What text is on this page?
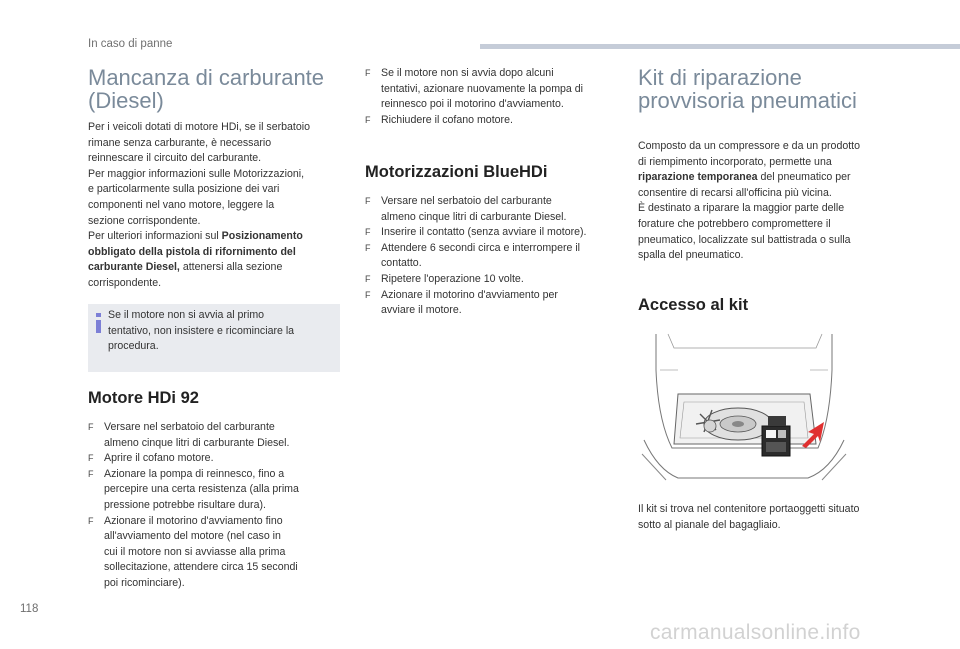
In caso di panne
Mancanza di carburante
(Diesel)

Per i veicoli dotati di motore HDi, se il serbatoio
rimane senza carburante, è necessario
reinnescare il circuito del carburante.
Per maggior informazioni sulle Motorizzazioni,
e particolarmente sulla posizione dei vari
componenti nel vano motore, leggere la
sezione corrispondente.
Per ulteriori informazioni sul Posizionamento
obbligato della pistola di rifornimento del
carburante Diesel, attenersi alla sezione
corrispondente.

Se il motore non si avvia al primo
tentativo, non insistere e ricominciare la
procedura.

Motore HDi 92
F Versare nel serbatoio del carburante
almeno cinque litri di carburante Diesel.
F Aprire il cofano motore.
F Azionare la pompa di reinnesco, fino a
percepire una certa resistenza (alla prima
pressione potrebbe risultare dura).
F Azionare il motorino d'avviamento fino
all'avviamento del motore (nel caso in
cui il motore non si avviasse alla prima
sollecitazione, attendere circa 15 secondi
poi ricominciare).
F Se il motore non si avvia dopo alcuni
tentativi, azionare nuovamente la pompa di
reinnesco poi il motorino d'avviamento.
F Richiudere il cofano motore.
Motorizzazioni BlueHDi
F Versare nel serbatoio del carburante
almeno cinque litri di carburante Diesel.
F Inserire il contatto (senza avviare il motore).
F Attendere 6 secondi circa e interrompere il
contatto.
F Ripetere l'operazione 10 volte.
F Azionare il motorino d'avviamento per
avviare il motore.
Kit di riparazione
provvisoria pneumatici

Composto da un compressore e da un prodotto
di riempimento incorporato, permette una
riparazione temporanea del pneumatico per
consentire di recarsi all'officina più vicina.
È destinato a riparare la maggior parte delle
forature che potrebbero compromettere il
pneumatico, localizzate sul battistrada o sulla
spalla del pneumatico.

Accesso al kit

Il kit si trova nel contenitore portaoggetti situato
sotto al pianale del bagagliaio.

118
carmanualsonline.info
